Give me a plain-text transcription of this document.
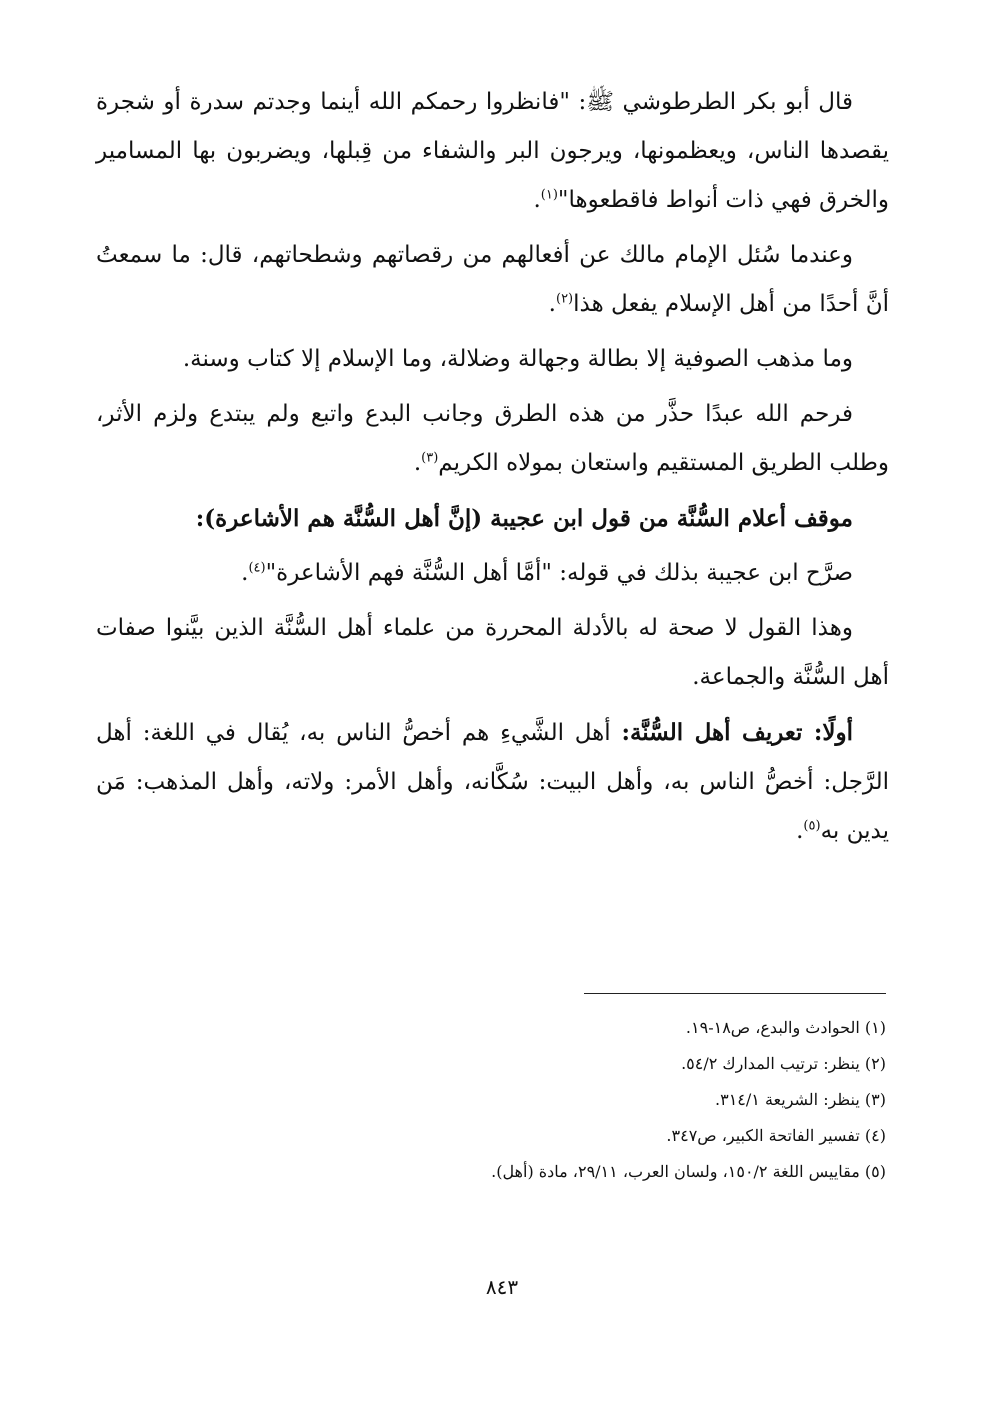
قال أبو بكر الطرطوشي ﷺ: "فانظروا رحمكم الله أينما وجدتم سدرة أو شجرة يقصدها الناس، ويعظمونها، ويرجون البر والشفاء من قِبلها، ويضربون بها المسامير والخرق فهي ذات أنواط فاقطعوها"$^{(١)}$.

وعندما سُئل الإمام مالك عن أفعالهم من رقصاتهم وشطحاتهم، قال: ما سمعتُ أنَّ أحدًا من أهل الإسلام يفعل هذا$^{(٢)}$.

وما مذهب الصوفية إلا بطالة وجهالة وضلالة، وما الإسلام إلا كتاب وسنة.

فرحم الله عبدًا حذَّر من هذه الطرق وجانب البدع واتبع ولم يبتدع ولزم الأثر، وطلب الطريق المستقيم واستعان بمولاه الكريم$^{(٣)}$.

موقف أعلام السُّنَّة من قول ابن عجيبة (إنَّ أهل السُّنَّة هم الأشاعرة):

صرَّح ابن عجيبة بذلك في قوله: "أمَّا أهل السُّنَّة فهم الأشاعرة"$^{(٤)}$.

وهذا القول لا صحة له بالأدلة المحررة من علماء أهل السُّنَّة الذين بيَّنوا صفات أهل السُّنَّة والجماعة.

أولًا: تعريف أهل السُّنَّة: أهل الشَّيءِ هم أخصُّ الناس به، يُقال في اللغة: أهل الرَّجل: أخصُّ الناس به، وأهل البيت: سُكَّانه، وأهل الأمر: ولاته، وأهل المذهب: مَن يدين به$^{(٥)}$.

(١) الحوادث والبدع، ص١٨-١٩.
(٢) ينظر: ترتيب المدارك ٥٤/٢.
(٣) ينظر: الشريعة ٣١٤/١.
(٤) تفسير الفاتحة الكبير، ص٣٤٧.
(٥) مقاييس اللغة ١٥٠/٢، ولسان العرب، ٢٩/١١، مادة (أهل).
٨٤٣
